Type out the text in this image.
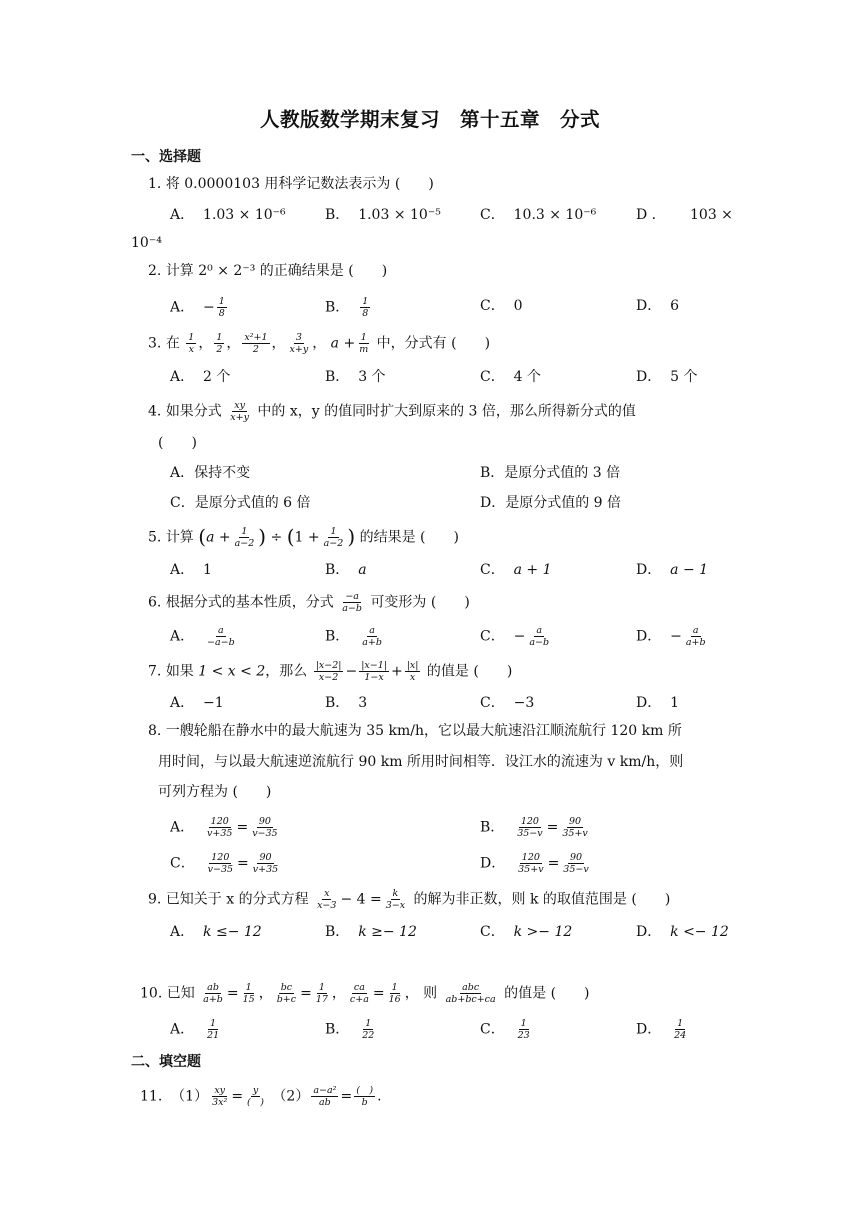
人教版数学期末复习　第十五章　分式
一、选择题
1. 将 0.0000103 用科学记数法表示为 (　　)
A． 1.03 × 10⁻⁶	B． 1.03 × 10⁻⁵	C． 10.3 × 10⁻⁶	D ． 103 ×
10⁻⁴
2. 计算 2⁰ × 2⁻³ 的正确结果是 (　　)
A． − $\frac{1}{8}$	B． $\frac{1}{8}$	C． 0	D． 6
3. 在 $\frac{1}{x}$ ， $\frac{1}{2}$ ， $\frac{\text{x²+1}}{2}$ ， $\frac{3}{x+y}$ ， $a + \frac{1}{m}$ 中，分式有 (　　)
A． 2 个	B． 3 个	C． 4 个	D． 5 个
4. 如果分式 $\frac{xy}{x+y}$ 中的 x，y 的值同时扩大到原来的 3 倍，那么所得新分式的值
(　　)
A．保持不变	B．是原分式值的 3 倍
C．是原分式值的 6 倍	D．是原分式值的 9 倍
5. 计算 ($a + \frac{1}{a-2}$ ) ÷ ($1 + \frac{1}{a-2}$ ) 的结果是 (　　)
A． 1	B． a	C． a + 1	D． a − 1
6. 根据分式的基本性质，分式 $\frac{-a}{a-b}$ 可变形为 (　　)
A． $\frac{a}{-a-b}$	B． $\frac{a}{a+b}$	C． − $\frac{a}{a-b}$	D． − $\frac{a}{a+b}$
7. 如果 1 < x < 2，那么 $\frac{|x-2|}{x-2} - \frac{|x-1|}{1-x} + \frac{|x|}{x}$ 的值是 (　　)
A． −1	B． 3	C． −3	D． 1
8. 一艘轮船在静水中的最大航速为 35 km/h，它以最大航速沿江顺流航行 120 km 所
用时间，与以最大航速逆流航行 90 km 所用时间相等．设江水的流速为 v km/h，则
可列方程为 (　　)
A． $\frac{120}{v+35} = \frac{90}{v-35}$	B． $\frac{120}{35-v} = \frac{90}{35+v}$
C． $\frac{120}{v-35} = \frac{90}{v+35}$	D． $\frac{120}{35+v} = \frac{90}{35-v}$
9. 已知关于 x 的分式方程 $\frac{x}{x-3} - 4 = \frac{k}{3-x}$ 的解为非正数，则 k 的取值范围是 (　　)
A． k ≤− 12	B． k ≥− 12	C． k >− 12	D． k <− 12
10. 已知 $\frac{ab}{a+b} = \frac{1}{15}$ ， $\frac{bc}{b+c} = \frac{1}{17}$ ， $\frac{ca}{c+a} = \frac{1}{16}$ ， 则	abc
ab+bc+ca 的值是 (　　)
A． $\frac{1}{21}$	B． $\frac{1}{22}$	C． $\frac{1}{23}$	D． $\frac{1}{24}$
二、填空题
11. $(1) \frac{xy}{\text{3x²}} = y$
(　) $(2) \frac{\text{a−a²}}{ab}$ = (　)
b .
